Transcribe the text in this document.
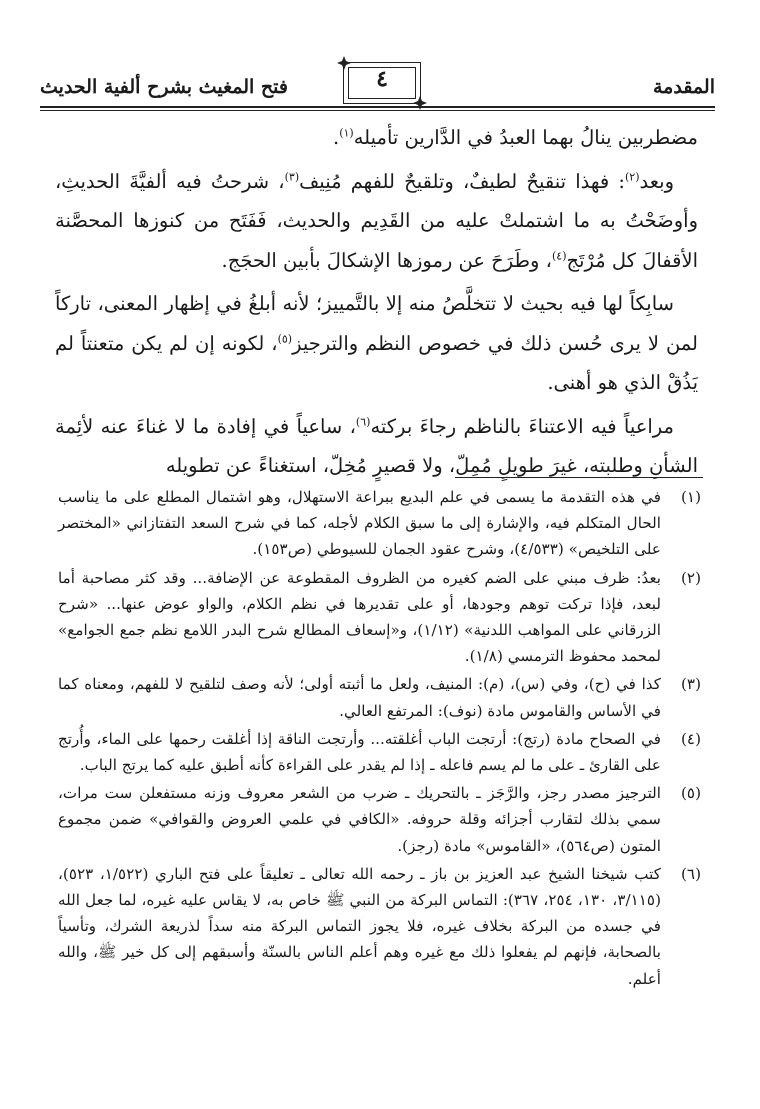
المقدمة
٤
فتح المغيث بشرح ألفية الحديث

مضطربين ينالُ بهما العبدُ في الدَّارين تأميله$^{(١)}$.

وبعد$^{(٢)}$: فهذا تنقيحٌ لطيفٌ، وتلقيحٌ للفهم مُنِيف$^{(٣)}$، شرحتُ فيه ألفيَّةَ الحديثِ، وأوضَحْتُ به ما اشتملتْ عليه من القَدِيم والحديث، فَفَتَح من كنوزها المحصَّنة الأقفالَ كل مُرْتَج$^{(٤)}$، وطَرَحَ عن رموزها الإشكالَ بأبين الحجَج.

سابِكاً لها فيه بحيث لا تتخلَّصُ منه إلا بالتَّمييز؛ لأنه أبلغُ في إظهار المعنى، تاركاً لمن لا يرى حُسن ذلك في خصوص النظم والترجيز$^{(٥)}$، لكونه إن لم يكن متعنتاً لم يَذُقْ الذي هو أهنى.

مراعياً فيه الاعتناءَ بالناظم رجاءَ بركته$^{(٦)}$، ساعياً في إفادة ما لا غناءَ عنه لأئِمة الشأنِ وطلبته، غيرَ طويلٍ مُمِلّ، ولا قصيرٍ مُخِلّ، استغناءً عن تطويله

(١)
في هذه التقدمة ما يسمى في علم البديع ببراعة الاستهلال، وهو اشتمال المطلع على ما يناسب الحال المتكلم فيه، والإشارة إلى ما سبق الكلام لأجله، كما في شرح السعد التفتازاني «المختصر على التلخيص» (٤/٥٣٣)، وشرح عقود الجمان للسيوطي (ص١٥٣).
(٢)
بعدُ: ظرف مبني على الضم كغيره من الظروف المقطوعة عن الإضافة... وقد كثر مصاحبة أما لبعد، فإذا تركت توهم وجودها، أو على تقديرها في نظم الكلام، والواو عوض عنها... «شرح الزرقاني على المواهب اللدنية» (١/١٢)، و«إسعاف المطالع شرح البدر اللامع نظم جمع الجوامع» لمحمد محفوظ الترمسي (١/٨).
(٣)
كذا في (ح)، وفي (س)، (م): المنيف، ولعل ما أثبته أولى؛ لأنه وصف لتلقيح لا للفهم، ومعناه كما في الأساس والقاموس مادة (نوف): المرتفع العالي.
(٤)
في الصحاح مادة (رتج): أرتجت الباب أغلقته... وأرتجت الناقة إذا أغلقت رحمها على الماء، وأُرتج على القارئ ـ على ما لم يسم فاعله ـ إذا لم يقدر على القراءة كأنه أطبق عليه كما يرتج الباب.
(٥)
الترجيز مصدر رجز، والرَّجَز ـ بالتحريك ـ ضرب من الشعر معروف وزنه مستفعلن ست مرات، سمي بذلك لتقارب أجزائه وقلة حروفه. «الكافي في علمي العروض والقوافي» ضمن مجموع المتون (ص٥٦٤)، «القاموس» مادة (رجز).
(٦)
كتب شيخنا الشيخ عبد العزيز بن باز ـ رحمه الله تعالى ـ تعليقاً على فتح الباري (١/٥٢٢، ٥٢٣)، (٣/١١٥، ١٣٠، ٢٥٤، ٣٦٧): التماس البركة من النبي ﷺ خاص به، لا يقاس عليه غيره، لما جعل الله في جسده من البركة بخلاف غيره، فلا يجوز التماس البركة منه سداً لذريعة الشرك، وتأسياً بالصحابة، فإنهم لم يفعلوا ذلك مع غيره وهم أعلم الناس بالسنّة وأسبقهم إلى كل خير ﷺ، والله أعلم.
